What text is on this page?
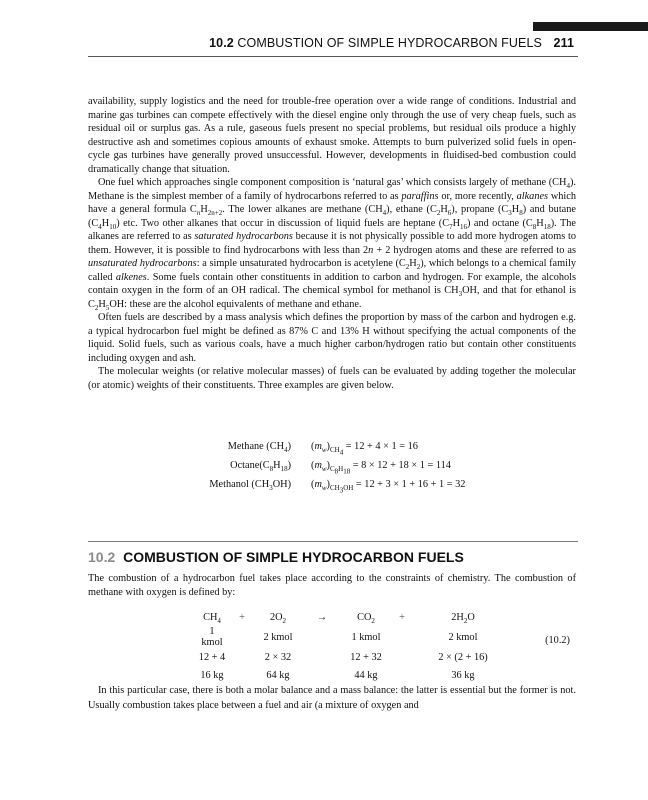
10.2 COMBUSTION OF SIMPLE HYDROCARBON FUELS 211

availability, supply logistics and the need for trouble-free operation over a wide range of conditions. Industrial and marine gas turbines can compete effectively with the diesel engine only through the use of very cheap fuels, such as residual oil or surplus gas. As a rule, gaseous fuels present no special problems, but residual oils produce a highly destructive ash and sometimes copious amounts of exhaust smoke. Attempts to burn pulverized solid fuels in open-cycle gas turbines have generally proved unsuccessful. However, developments in fluidised-bed combustion could dramatically change that situation.

One fuel which approaches single component composition is ‘natural gas’ which consists largely of methane $(CH_4)$. Methane is the simplest member of a family of hydrocarbons referred to as paraffins or, more recently, alkanes which have a general formula $C_nH_{2n+2}$. The lower alkanes are methane $(CH_4)$, ethane $(C_2H_6)$, propane $(C_3H_8)$ and butane $(C_4H_{10})$ etc. Two other alkanes that occur in discussion of liquid fuels are heptane $(C_7H_{16})$ and octane $(C_8H_{18})$. The alkanes are referred to as saturated hydrocarbons because it is not physically possible to add more hydrogen atoms to them. However, it is possible to find hydrocarbons with less than 2n + 2 hydrogen atoms and these are referred to as unsaturated hydrocarbons: a simple unsaturated hydrocarbon is acetylene $(C_2H_2)$, which belongs to a chemical family called alkenes. Some fuels contain other constituents in addition to carbon and hydrogen. For example, the alcohols contain oxygen in the form of an OH radical. The chemical symbol for methanol is $CH_3OH$, and that for ethanol is $C_2H_5OH$: these are the alcohol equivalents of methane and ethane.

Often fuels are described by a mass analysis which defines the proportion by mass of the carbon and hydrogen e.g. a typical hydrocarbon fuel might be defined as 87% C and 13% H without specifying the actual components of the liquid. Solid fuels, such as various coals, have a much higher carbon/hydrogen ratio but contain other constituents including oxygen and ash.

The molecular weights (or relative molecular masses) of fuels can be evaluated by adding together the molecular (or atomic) weights of their constituents. Three examples are given below.

Methane $(CH_4) (m_w)_{CH_4} = 12 + 4 \times 1 = 16$
$Octane(C_8H_{18}) (m_w)_{C_8H_{18}} = 8 \times 12 + 18 \times 1 = 114$
Methanol $(CH_3OH) (m_w)_{CH_3OH} = 12 + 3 \times 1 + 16 + 1 = 32$
10.2 COMBUSTION OF SIMPLE HYDROCARBON FUELS

The combustion of a hydrocarbon fuel takes place according to the constraints of chemistry. The combustion of methane with oxygen is defined by:

$CH_4$	+	$2O_2$	→	$CO_2$	+	$2H_2O$
1 kmol		2 kmol		1 kmol		2 kmol
12 + 4		2 × 32		12 + 32		2 × (2 + 16)
16 kg		64 kg		44 kg		36 kg
(10.2)

In this particular case, there is both a molar balance and a mass balance: the latter is essential but the former is not. Usually combustion takes place between a fuel and air (a mixture of oxygen and
